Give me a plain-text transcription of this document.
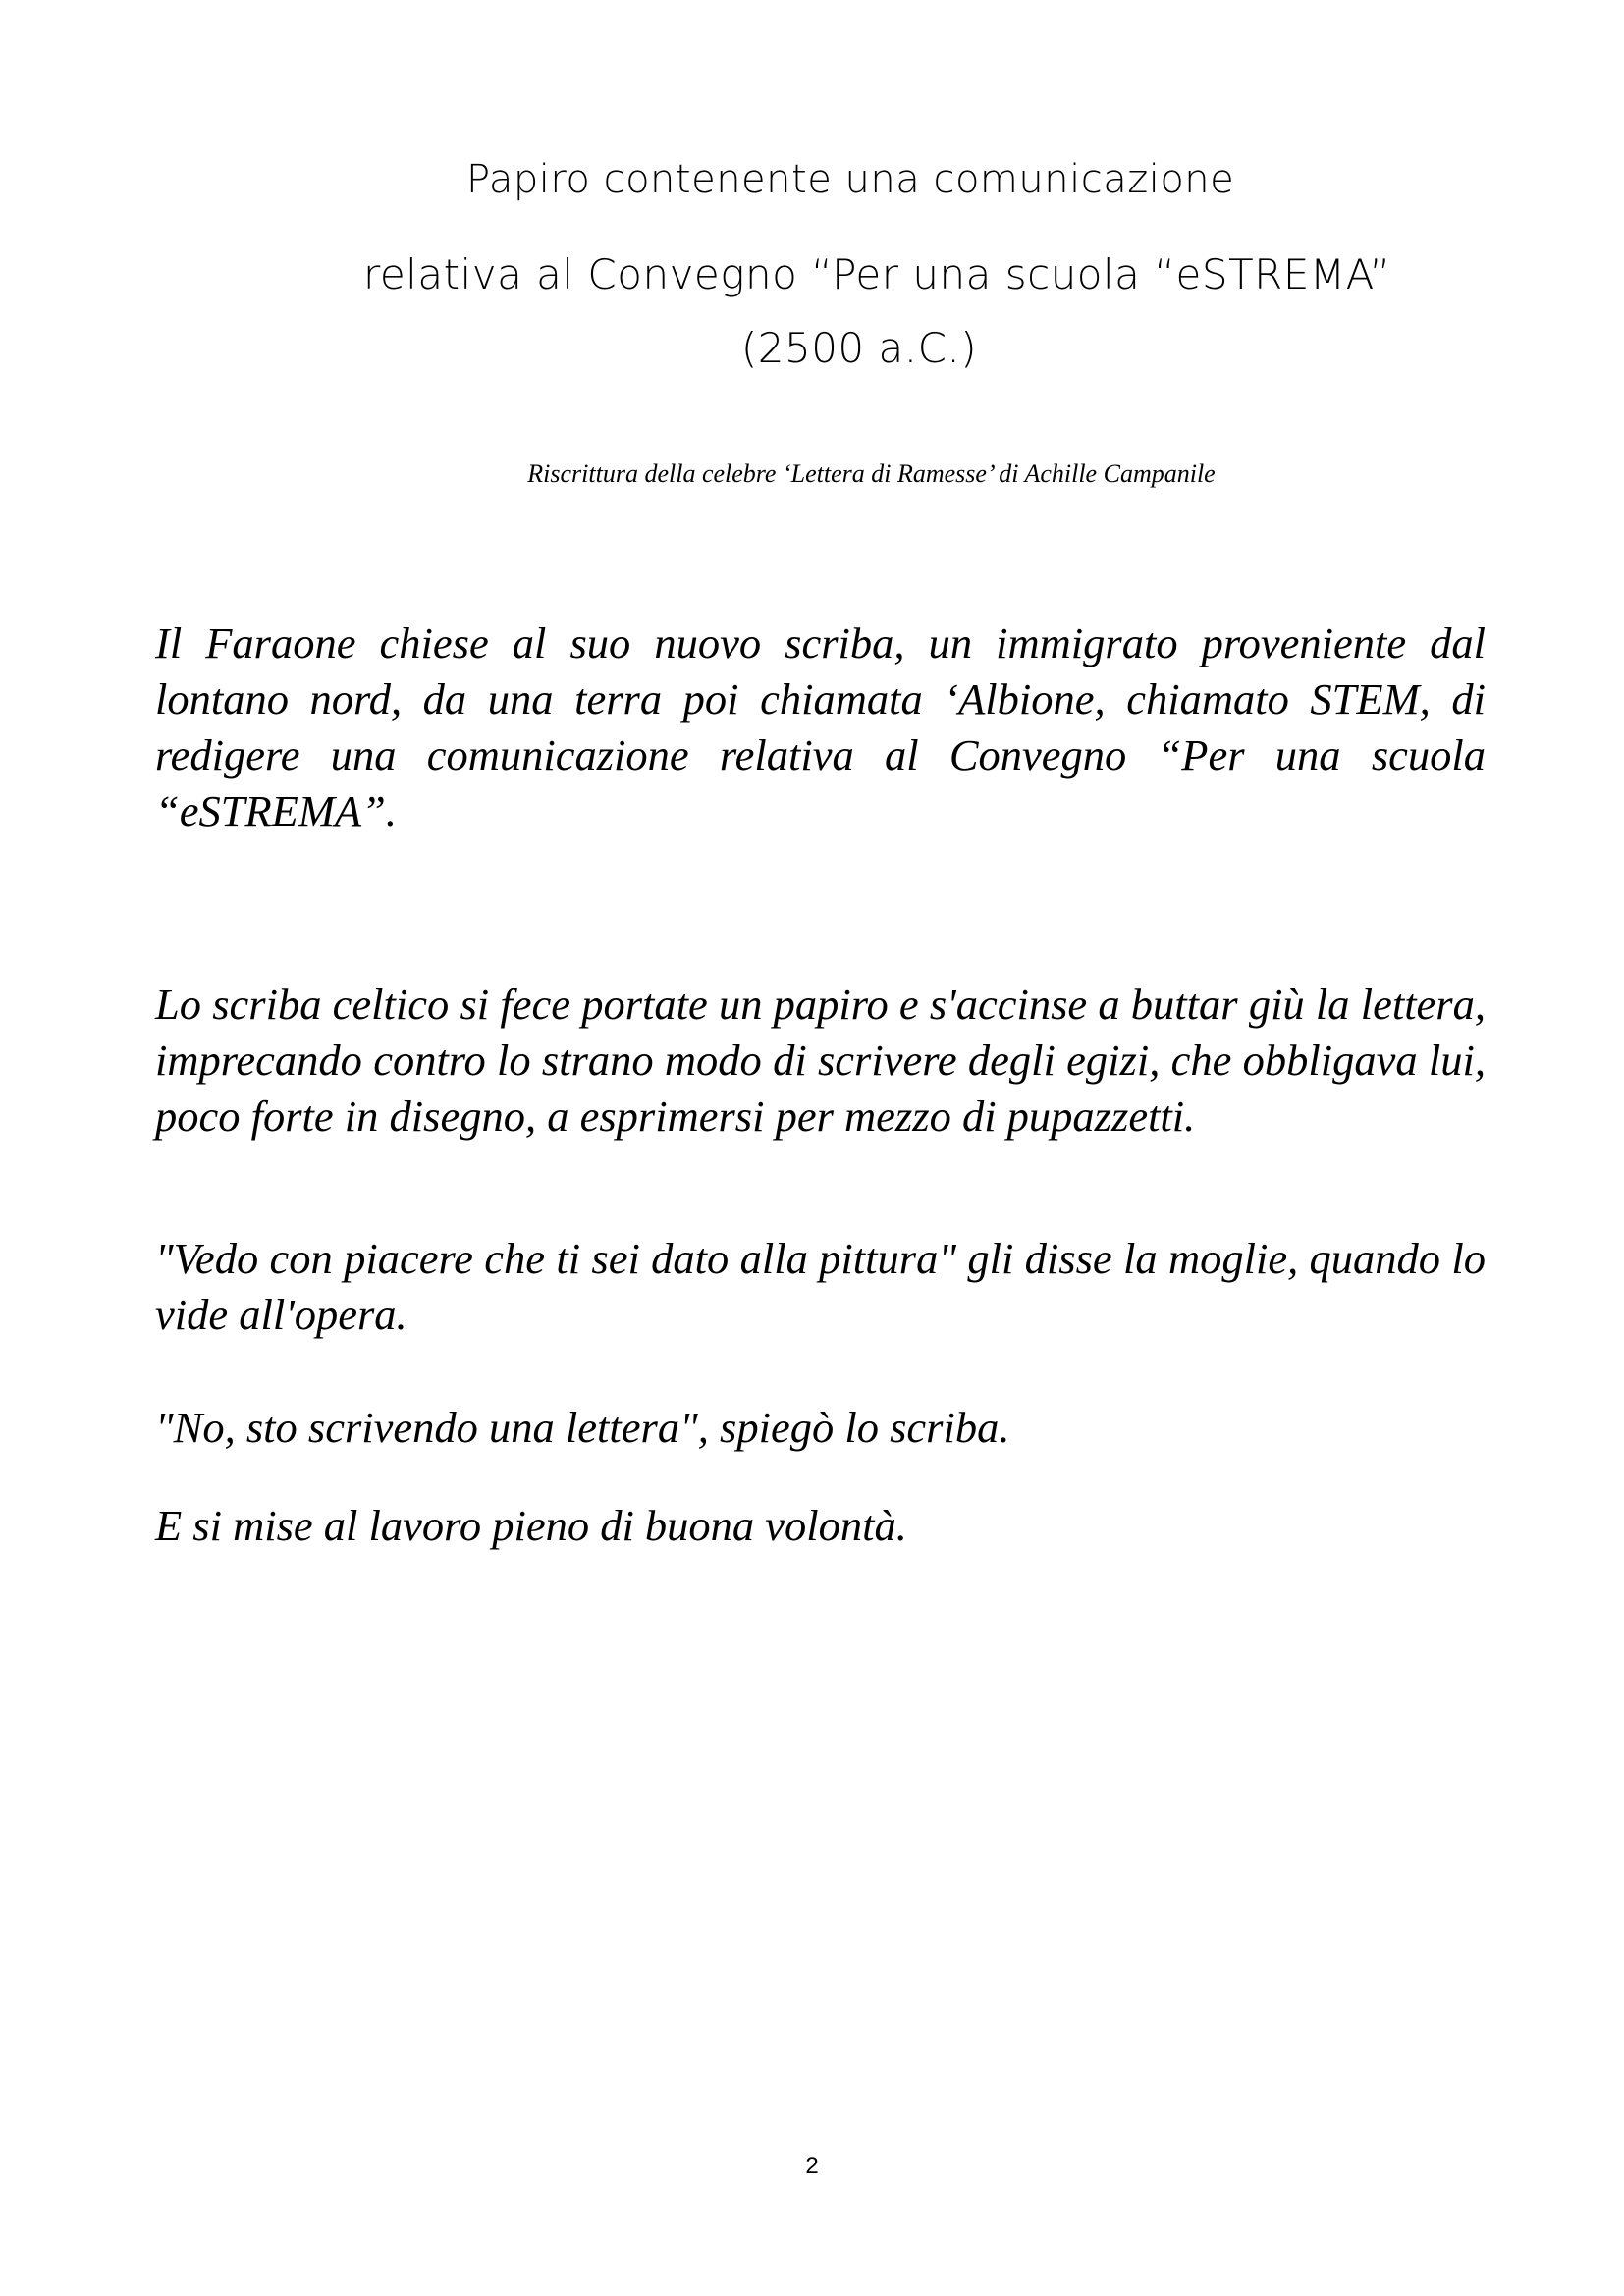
Papiro contenente una comunicazione
relativa al Convegno “Per una scuola “eSTREMA”
(2500 a.C.)
Riscrittura della celebre ‘Lettera di Ramesse’ di Achille Campanile

Il Faraone chiese al suo nuovo scriba, un immigrato proveniente dal lontano nord, da una terra poi chiamata ‘Albione, chiamato STEM, di redigere una comunicazione relativa al Convegno “Per una scuola “eSTREMA”.

Lo scriba celtico si fece portate un papiro e s'accinse a buttar giù la lettera, imprecando contro lo strano modo di scrivere degli egizi, che obbligava lui, poco forte in disegno, a esprimersi per mezzo di pupazzetti.

"Vedo con piacere che ti sei dato alla pittura" gli disse la moglie, quando lo vide all'opera.

"No, sto scrivendo una lettera", spiegò lo scriba.

E si mise al lavoro pieno di buona volontà.

2
